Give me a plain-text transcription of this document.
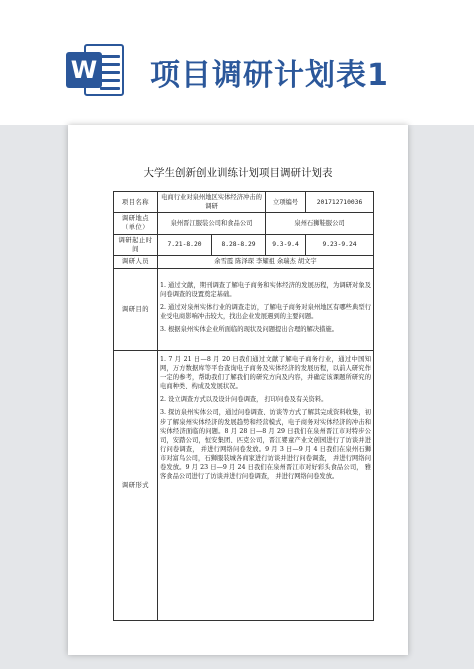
W 项目调研计划表1
大学生创新创业训练计划项目调研计划表
项目名称	电商行业对泉州地区实体经济冲击的调研		立项编号	201712710036
调研地点（单位）	泉州晋江服装公司和食品公司		泉州石狮鞋服公司	
调研起止时间	7.21-8.20	8.28-8.29	9.3-9.4	9.23-9.24
调研人员	余雪霞 陈泽琛 李耀祖 余瑞杰 胡文宇			
调研目的	1. 通过文献，期刊调查了解电子商务和实体经济的发展历程，为调研对象及问卷调查的设置奠定基础。

2. 通过对泉州实体行业的调查走访，了解电子商务对泉州地区有哪些典型行业受电商影响冲击较大，找出企业发展遇到的主要问题。

3. 根据泉州实体企业所面临的现状及问题提出合理的解决措施。			

调研形式	1. 7 月 21 日—8 月 20 日我们通过文献了解电子商务行业，通过中国知网，万方数据库等平台查询电子商务及实体经济的发展历程，以前人研究作一定的参考，帮助我们了解我们的研究方向及内容，并确定该课题所研究的电商种类、构成及发展状况。

2. 设立调查方式以及设计问卷调查， 打印问卷及有关资料。

3. 探访泉州实体公司，通过问卷调查、访谈等方式了解其完成资料收集，初步了解泉州实体经济的发展趋势和经营模式，电子商务对实体经济的冲击和实体经济面临的问题。8 月 28 日—8 月 29 日我们在泉州晋江市对特步公司，安踏公司，恒安集团、匹克公司，晋江婴童产业文创园进行了访谈并进行问卷调查， 并进行网络问卷发放。9 月 3 日—9 月 4 日我们在泉州石狮市对富鸟公司，石狮服装城各商家进行访谈并进行问卷调查， 并进行网络问卷发放。9 月 23 日—9 月 24 日我们在泉州晋江市对好彩头食品公司， 雅客食品公司进行了访谈并进行问卷调查， 并进行网络问卷发放。			
